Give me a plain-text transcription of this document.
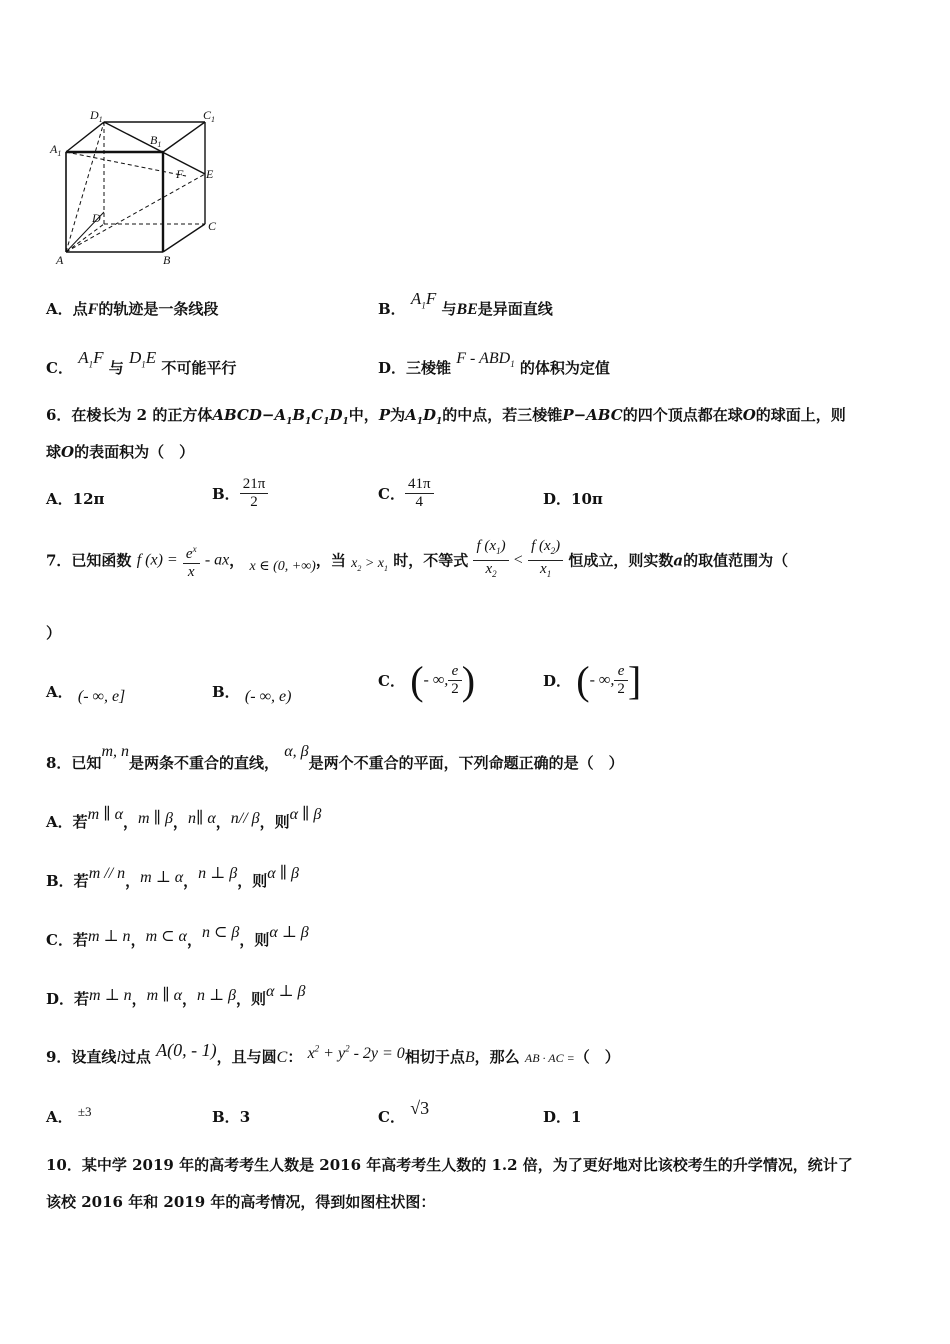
$D_1$	$C_1$
$A_1$
$B_1$
F E
D
C
A	B
A．点F的轨迹是一条线段	B． $A_1F$ 与BE是异面直线
C． $A_1F$ 与 $D_1E$ 不可能平行	D．三棱锥 F - $ABD_1$ 的体积为定值
6．在棱长为 2 的正方体$ABCD-A_1B_1C_1D_1$中，P为$A_1D_1$的中点，若三棱锥P−ABC的四个顶点都在球O的球面上，则
球O的表面积为（　）
A．12π	B． $\frac{21\pi}{2}$	C． $\frac{41\pi}{4}$	D．10π
7．已知函数 f $(x) = \frac{e^x}{x}$ - ax， x ∈ (0, +∞)，当 $x_2 > x_1$ 时，不等式 $\frac{f (x_1)}{x_2} < \frac{f (x_2)}{x_1}$ 恒成立，则实数a的取值范围为（
）
A． (- ∞, e]	B． (- ∞, e)
C． (- ∞, $\frac{e}{2}$ )	D． (- ∞, $\frac{e}{2}$ ]
8．已知m, n是两条不重合的直线， α, β是两个不重合的平面，下列命题正确的是（　）
A．若m ∥ α，m ∥ β，n∥ α，n// β，则α ∥ β
B．若m // n，m ⊥ α，n ⊥ β，则α ∥ β
C．若m ⊥ n，m ⊂ α，n ⊂ β，则α ⊥ β
D．若m ⊥ n，m ∥ α，n ⊥ β，则α ⊥ β
9．设直线l过点 A(0, - 1)，且与圆C： $x^2 + y^2 - 2y = 0$相切于点B，那么 AB · AC =（　）
A． ±3	B．3	C． √3	D．1
10．某中学 2019 年的高考考生人数是 2016 年高考考生人数的 1.2 倍，为了更好地对比该校考生的升学情况，统计了
该校 2016 年和 2019 年的高考情况，得到如图柱状图：
